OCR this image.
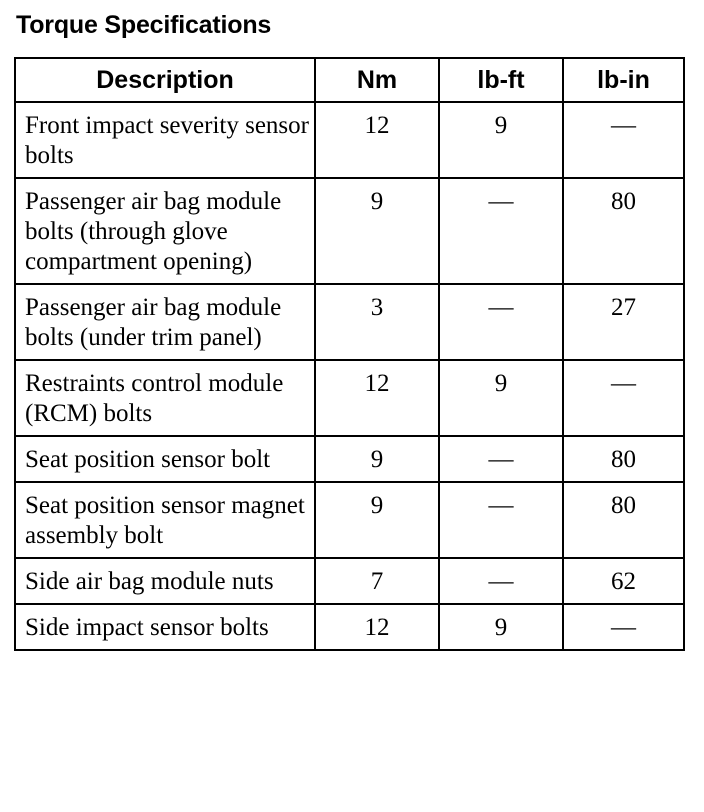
Torque Specifications
Description	Nm	lb-ft	lb-in
Front impact severity sensor bolts	12	9	—
Passenger air bag module bolts (through glove compartment opening)	9	—	80
Passenger air bag module bolts (under trim panel)	3	—	27
Restraints control module (RCM) bolts	12	9	—
Seat position sensor bolt	9	—	80
Seat position sensor magnet assembly bolt	9	—	80
Side air bag module nuts	7	—	62
Side impact sensor bolts	12	9	—
